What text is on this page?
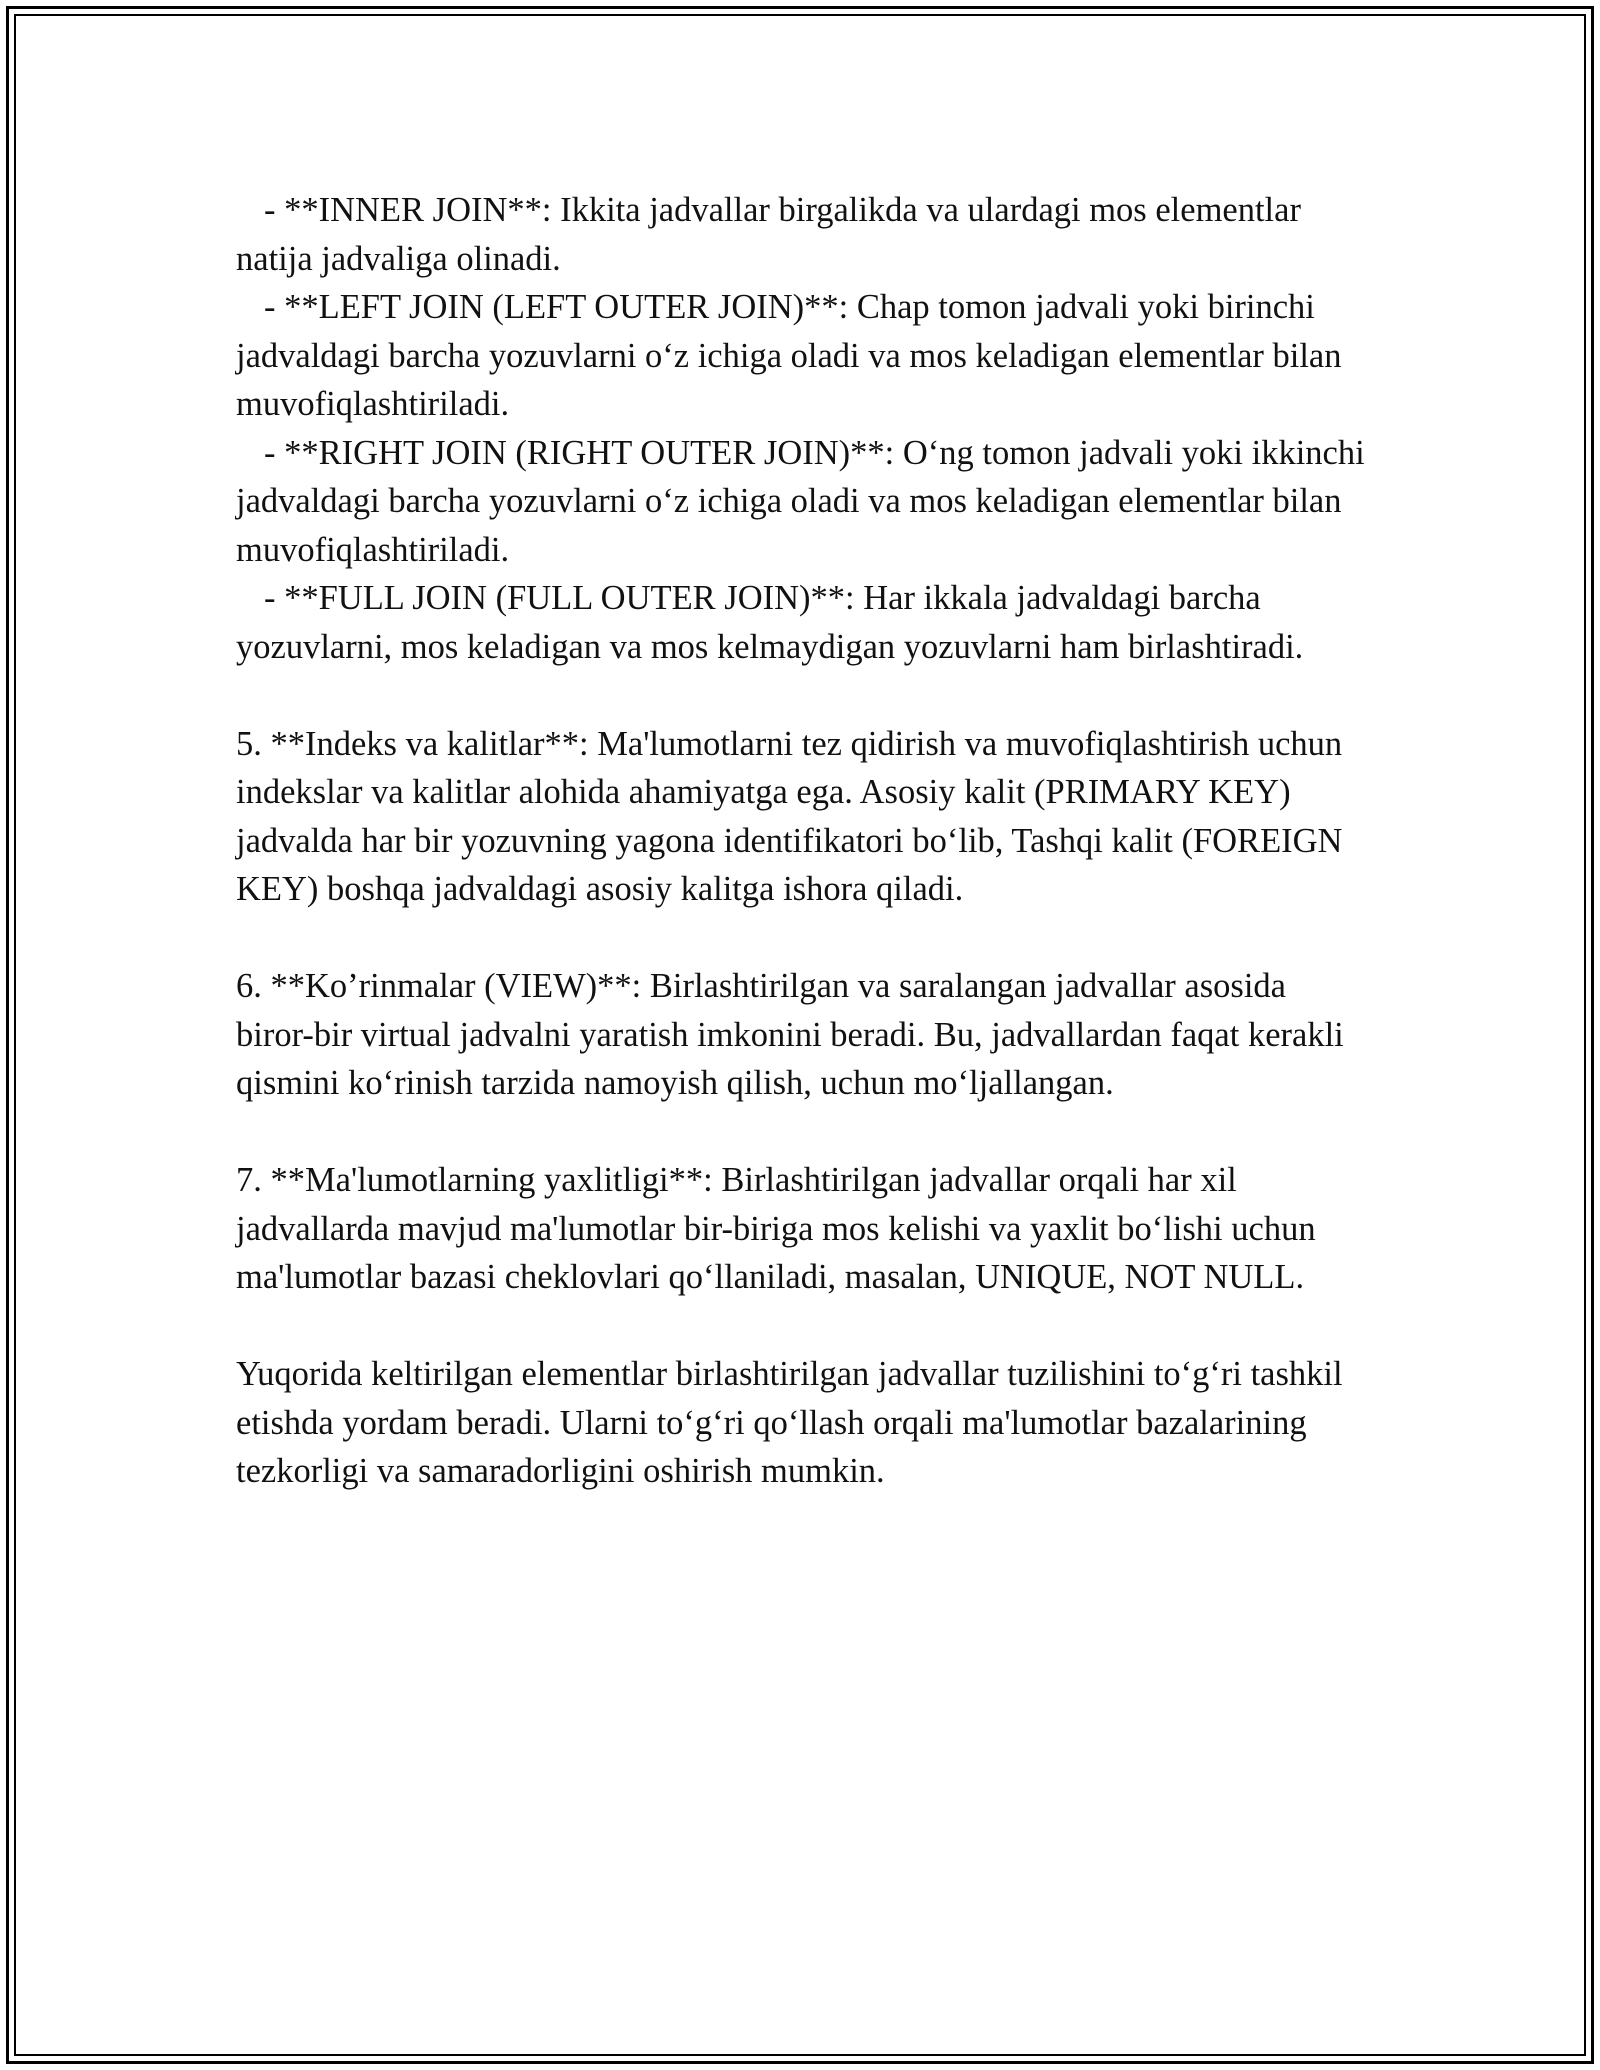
- **INNER JOIN**: Ikkita jadvallar birgalikda va ulardagi mos elementlar natija jadvaliga olinadi.

- **LEFT JOIN (LEFT OUTER JOIN)**: Chap tomon jadvali yoki birinchi jadvaldagi barcha yozuvlarni o‘z ichiga oladi va mos keladigan elementlar bilan muvofiqlashtiriladi.

- **RIGHT JOIN (RIGHT OUTER JOIN)**: O‘ng tomon jadvali yoki ikkinchi jadvaldagi barcha yozuvlarni o‘z ichiga oladi va mos keladigan elementlar bilan muvofiqlashtiriladi.

- **FULL JOIN (FULL OUTER JOIN)**: Har ikkala jadvaldagi barcha yozuvlarni, mos keladigan va mos kelmaydigan yozuvlarni ham birlashtiradi.

5. **Indeks va kalitlar**: Ma'lumotlarni tez qidirish va muvofiqlashtirish uchun indekslar va kalitlar alohida ahamiyatga ega. Asosiy kalit (PRIMARY KEY) jadvalda har bir yozuvning yagona identifikatori bo‘lib, Tashqi kalit (FOREIGN KEY) boshqa jadvaldagi asosiy kalitga ishora qiladi.

6. **Ko’rinmalar (VIEW)**: Birlashtirilgan va saralangan jadvallar asosida biror-bir virtual jadvalni yaratish imkonini beradi. Bu, jadvallardan faqat kerakli qismini ko‘rinish tarzida namoyish qilish, uchun mo‘ljallangan.

7. **Ma'lumotlarning yaxlitligi**: Birlashtirilgan jadvallar orqali har xil jadvallarda mavjud ma'lumotlar bir-biriga mos kelishi va yaxlit bo‘lishi uchun ma'lumotlar bazasi cheklovlari qo‘llaniladi, masalan, UNIQUE, NOT NULL.

Yuqorida keltirilgan elementlar birlashtirilgan jadvallar tuzilishini to‘g‘ri tashkil etishda yordam beradi. Ularni to‘g‘ri qo‘llash orqali ma'lumotlar bazalarining tezkorligi va samaradorligini oshirish mumkin.
